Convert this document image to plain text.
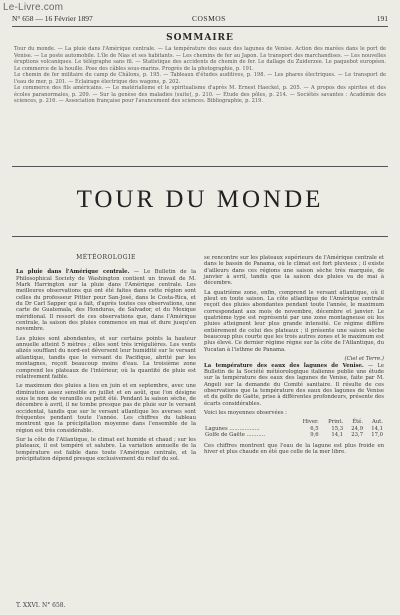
Le-Livre.com
N° 658 — 16 Février 1897	COSMOS	191
SOMMAIRE

Tour du monde. — La pluie dans l'Amérique centrale. — La température des eaux des lagunes de Venise. Action des marées dans le port de Venise. — Le poste automobile. L'île de Nias et ses habitants. — Les chemins de fer au Japon. Le transport des marchandises. — Les nouvelles éruptions volcaniques. Le télégraphe sans fil. — Statistique des accidents de chemin de fer. Le dallage du Zuiderzee. Le paquebot européen. Le commerce de la houille. Pose des câbles sous-marins. Progrès de la photographie, p. 191.

Le chemin de fer militaire du camp de Châlons, p. 195. — Tableaux d'études auditives, p. 198. — Les phares électriques. — Le transport de l'eau de mer, p. 201. — Éclairage électrique des wagons, p. 202.

Le commerce des fils américains. — Le matérialisme et le spiritualisme d'après M. Ernest Haeckel, p. 205. — A propos des spirites et des écoles paranormales, p. 209. — Sur la genèse des maladies (suite), p. 210. — Étude des pôles, p. 214. — Sociétés savantes : Académie des sciences, p. 216. — Association française pour l'avancement des sciences. Bibliographie, p. 219.

TOUR DU MONDE
MÉTÉOROLOGIE

La pluie dans l'Amérique centrale. — Le Bulletin de la Philosophical Society de Washington contient un travail de M. Mark Harrington sur la pluie dans l'Amérique centrale. Les meilleures observations qui ont été faites dans cette région sont celles du professeur Pittier pour San-José, dans le Costa-Rica, et du Dr Carl Sapper qui a fait, d'après toutes ces observations, une carte de Guatemala, des Honduras, de Salvador, et du Mexique méridional. Il ressort de ces observations que, dans l'Amérique centrale, la saison des pluies commence en mai et dure jusqu'en novembre.

Les pluies sont abondantes, et sur certains points la hauteur annuelle atteint 5 mètres ; elles sont très irrégulières. Les vents alizés soufflant du nord-est déversent leur humidité sur le versant atlantique, tandis que le versant du Pacifique, abrité par les montagnes, reçoit beaucoup moins d'eau. La troisième zone comprend les plateaux de l'intérieur, où la quantité de pluie est relativement faible.

Le maximum des pluies a lieu en juin et en septembre, avec une diminution assez sensible en juillet et en août, que l'on désigne sous le nom de veranillo ou petit été. Pendant la saison sèche, de décembre à avril, il ne tombe presque pas de pluie sur le versant occidental, tandis que sur le versant atlantique les averses sont fréquentes pendant toute l'année. Les chiffres du tableau montrent que la précipitation moyenne dans l'ensemble de la région est très considérable.

Sur la côte de l'Atlantique, le climat est humide et chaud ; sur les plateaux, il est tempéré et salubre. La variation annuelle de la température est faible dans toute l'Amérique centrale, et la précipitation dépend presque exclusivement du relief du sol.

se rencontre sur les plateaux supérieurs de l'Amérique centrale et dans le bassin de Panama, où le climat est fort pluvieux ; il existe d'ailleurs dans ces régions une saison sèche très marquée, de janvier à avril, tandis que la saison des pluies va de mai à décembre.

La quatrième zone, enfin, comprend le versant atlantique, où il pleut en toute saison. La côte atlantique de l'Amérique centrale reçoit des pluies abondantes pendant toute l'année, le maximum correspondant aux mois de novembre, décembre et janvier. Le quatrième type est représenté par une zone montagneuse où les pluies atteignent leur plus grande intensité. Ce régime diffère entièrement de celui des plateaux ; il présente une saison sèche beaucoup plus courte que les trois autres zones et le maximum est plus élevé. Ce dernier régime règne sur la côte de l'Atlantique, du Yucatan à l'isthme de Panama.

(Ciel et Terre.)

La température des eaux des lagunes de Venise. — Le Bulletin de la Société météorologique italienne publie une étude sur la température des eaux des lagunes de Venise, faite par M. Angeli sur la demande du Comité sanitaire. Il résulte de ces observations que la température des eaux des lagunes de Venise et du golfe de Gaëte, prise à différentes profondeurs, présente des écarts considérables.

Voici les moyennes observées :

	Hiver.	Print.	Été.	Aut.
Lagunes ..................	6,5	15,3	24,9	14,1
Golfe de Gaëte ...........	9,6	14,1	23,7	17,0

Ces chiffres montrent que l'eau de la lagune est plus froide en hiver et plus chaude en été que celle de la mer libre.

T. XXVI. N° 658.
